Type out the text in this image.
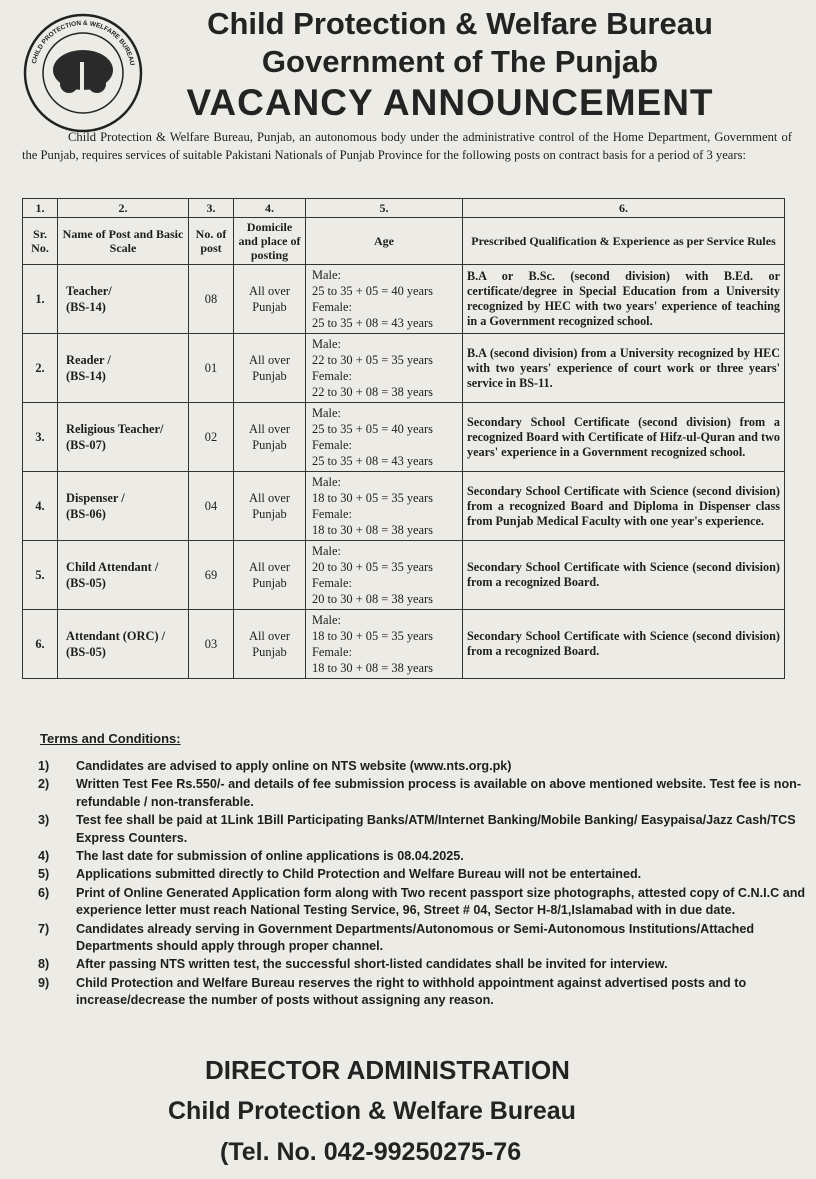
CHILD PROTECTION & WELFARE BUREAU
Child Protection & Welfare Bureau
Government of The Punjab
VACANCY ANNOUNCEMENT
Child Protection & Welfare Bureau, Punjab, an autonomous body under the administrative control of the Home Department, Government of the Punjab, requires services of suitable Pakistani Nationals of Punjab Province for the following posts on contract basis for a period of 3 years:
1.	2.	3.	4.	5.	6.
Sr. No.	Name of Post and Basic Scale	No. of post	Domicile and place of posting	Age	Prescribed Qualification & Experience as per Service Rules
1.	Teacher/
(BS-14)	08	All over Punjab	Male:
25 to 35 + 05 = 40 years
Female:
25 to 35 + 08 = 43 years	B.A or B.Sc. (second division) with B.Ed. or certificate/degree in Special Education from a University recognized by HEC with two years' experience of teaching in a Government recognized school.
2.	Reader /
(BS-14)	01	All over Punjab	Male:
22 to 30 + 05 = 35 years
Female:
22 to 30 + 08 = 38 years	B.A (second division) from a University recognized by HEC with two years' experience of court work or three years' service in BS-11.
3.	Religious Teacher/
(BS-07)	02	All over Punjab	Male:
25 to 35 + 05 = 40 years
Female:
25 to 35 + 08 = 43 years	Secondary School Certificate (second division) from a recognized Board with Certificate of Hifz-ul-Quran and two years' experience in a Government recognized school.
4.	Dispenser /
(BS-06)	04	All over Punjab	Male:
18 to 30 + 05 = 35 years
Female:
18 to 30 + 08 = 38 years	Secondary School Certificate with Science (second division) from a recognized Board and Diploma in Dispenser class from Punjab Medical Faculty with one year's experience.
5.	Child Attendant /
(BS-05)	69	All over Punjab	Male:
20 to 30 + 05 = 35 years
Female:
20 to 30 + 08 = 38 years	Secondary School Certificate with Science (second division) from a recognized Board.
6.	Attendant (ORC) /
(BS-05)	03	All over Punjab	Male:
18 to 30 + 05 = 35 years
Female:
18 to 30 + 08 = 38 years	Secondary School Certificate with Science (second division) from a recognized Board.
Terms and Conditions:
1)	Candidates are advised to apply online on NTS website (www.nts.org.pk)
2)	Written Test Fee Rs.550/- and details of fee submission process is available on above mentioned website. Test fee is non-refundable / non-transferable.
3)	Test fee shall be paid at 1Link 1Bill Participating Banks/ATM/Internet Banking/Mobile Banking/ Easypaisa/Jazz Cash/TCS Express Counters.
4)	The last date for submission of online applications is 08.04.2025.
5)	Applications submitted directly to Child Protection and Welfare Bureau will not be entertained.
6)	Print of Online Generated Application form along with Two recent passport size photographs, attested copy of C.N.I.C and experience letter must reach National Testing Service, 96, Street # 04, Sector H-8/1,Islamabad with in due date.
7)	Candidates already serving in Government Departments/Autonomous or Semi-Autonomous Institutions/Attached Departments should apply through proper channel.
8)	After passing NTS written test, the successful short-listed candidates shall be invited for interview.
9)	Child Protection and Welfare Bureau reserves the right to withhold appointment against advertised posts and to increase/decrease the number of posts without assigning any reason.
DIRECTOR ADMINISTRATION
Child Protection & Welfare Bureau
(Tel. No. 042-99250275-76
